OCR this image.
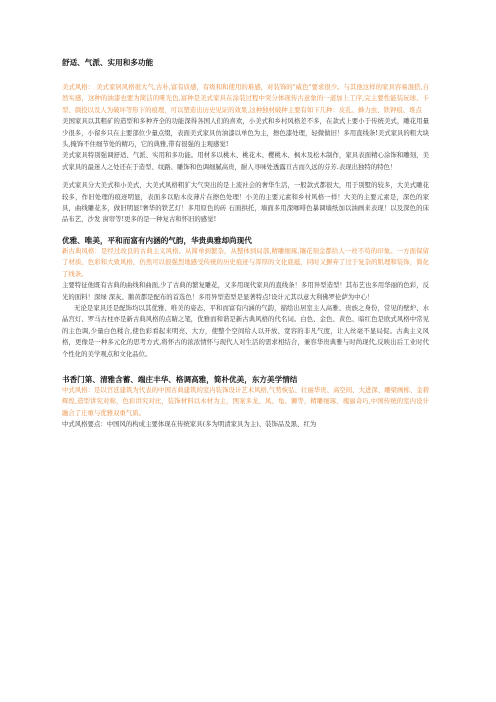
舒适、气派、实用和多功能
美式风格： 美式家居风格很大气,古朴,富有质感，有级和和使用的难感，对装饰的"威色"要求很少。与其他这样的家具容易混搭,自然实感，这种的油漆也要为简洁的哑光色,富种是美式家具在涂装过程中突分体现传古意象的一道加上工序,完主要性能装玩球、卡型、颜投以及人为破坏等形下的痕理，可以塑造出历史见证的效果,这种独材破种主要有如下几种：皮孔、蜂力虫、铁钾痕、堆点
美国家具以其粗矿的造型和多种齐全的功能深得各国人们的喜欢，小美式和乡村风格差不多，在款式上要小于传统美式，雕花用量少很多，小留乡只在主要部位少量点缀，表面美式家具仿油漆以单色为主，擦色漆处理，轻微做旧！多用直线条!美式家具的粗大块头,掩饰不住细节处的精巧，它的典雅,带有很强的主观感觉!
美式家具特别强调舒适、气派、实用和多功能。用材多以桃木、桃花木、樱桃木、枫木及松木制作，家具表面精心涂饰和雕刻，美式家具的最迷人之处还在于造型、纹路、雕饰和色调细腻高贵，耐人寻味处透露亘古而久远的芬芳.表现出独特的特色！
美式家具分大美式和小美式，大美式风格粗犷大气突出的是上流社会的奢华生活，一般款式都很大，用于别墅的较多，大美式雕花较多，作旧处理的痕迹明显，表面多以贴木皮薄片在擦色处理！小美的主要元素和乡村风格一样！大美的主要元素是，深色的家具，曲线雕花多，做旧明显!奢华的铁艺灯！多用原色的砖 石面拱托，墙面多用深咖啡色暴调墙纸加以油画来表现！以及深色的床品布艺，沙发 窗帘等!更多的是一种复古和怀旧的感觉!
优雅、唯美，平和而富有内涵的气韵，华贵典雅却尚现代
新古典风格：是经过改良的古典主义风格。从简单到繁杂，从整体到局部,精雕细琢,镶花刻金都给人一丝不苟的印象。一方面保留了材质、色彩和大致风格，仍然可以很强烈地感受传统的历史痕迹与浑厚的文化底蕴，同时又摒弃了过于复杂的肌理和装饰，简化了线条。
主要特征他既有古典的曲线和曲面,少了古典的繁复雕花，又多用现代家具的直线条！多用异型造型！其布艺也多用华丽的色彩，反光的面料！深绿 深灰、鹅黄都是配布的首选色！多用异型造型是显著特点!设计元其以意大利佛罗伦萨为中心！
无论是家具还是配饰均以其优雅、唯美的姿态，平和而富有内涵的气韵，描绘出居室主人高雅、贵族之身份，常见的壁炉、水晶宫灯、罗马古柱亦是新古典风格的点睛之笔，优雅而和谐是新古典风格的代名词。白色、金色、黄色、暗红色是欧式风格中常见的主色调,少量白色糅合,使色彩看起来明亮、大方，使整个空间给人以开放、宽容的非凡气度，让人丝毫不显局促。古典主义风格，更像是一种多元化的思考方式,将怀古的浓浓情怀与现代人对生活的需求相结合，兼容华贵典雅与时尚现代,反映出后工业时代个性化的美学观点和文化品位。
书香门第、清雅含蓄、端庄丰华、格调高雅，简朴优美，东方美学情结
中式风格：是以宫廷建筑为代表的中国古典建筑的室内装饰设计艺术风格,气势恢弘、壮丽华贵、高空间、大进深、雕梁画栋、金碧辉煌,造型讲究对称，色彩讲究对比，装饰材料以木材为主，图案多龙、凤、龟、狮等，精雕细琢、瑰丽奇巧,中国传统的室内设计融合了庄重与优雅双重气质。
中式风格要点：中国风的构成主要体现在传统家具(多为明清家具为主)、装饰品及黑、红为
